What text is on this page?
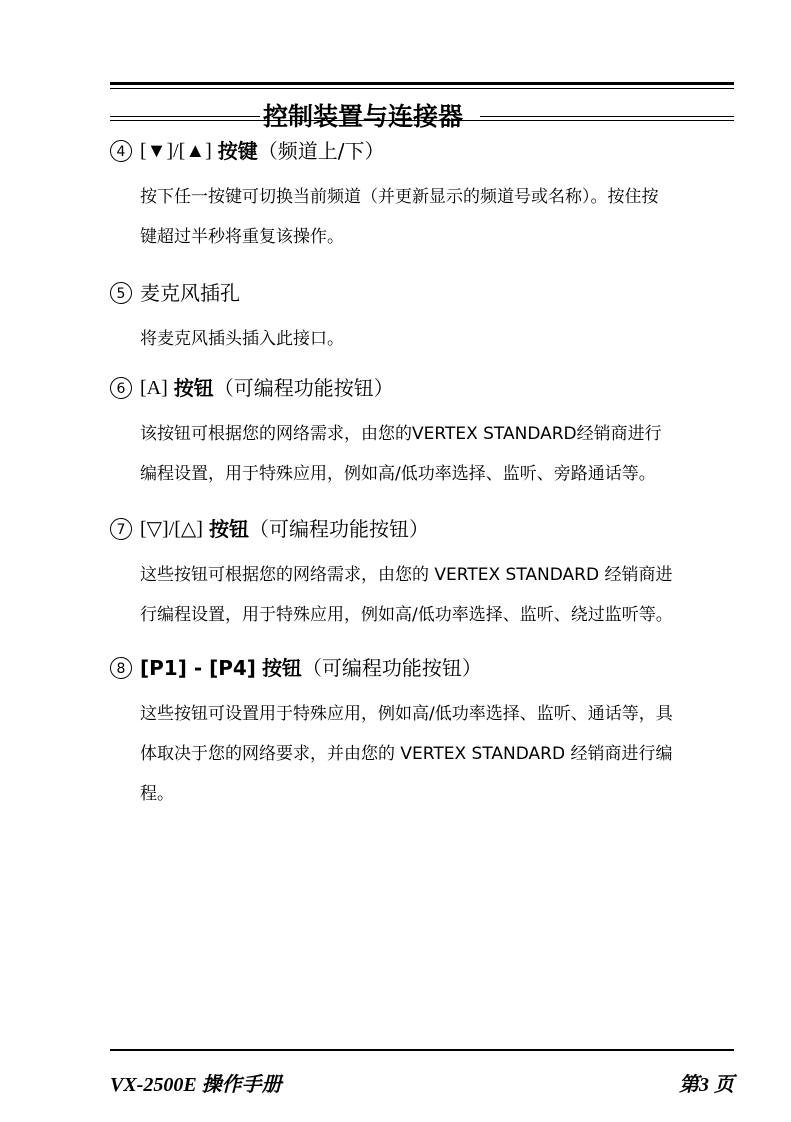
控制装置与连接器
4 [▼]/[▲] 按键 （频道上/下）
按下任一按键可切换当前频道（并更新显示的频道号或名称）。按住按
键超过半秒将重复该操作。
5 麦克风插孔
将麦克风插头插入此接口。
6 [A] 按钮 （可编程功能按钮）
该按钮可根据您的网络需求，由您的VERTEX STANDARD经销商进行
编程设置，用于特殊应用，例如高/低功率选择、监听、旁路通话等。
7 [▽]/[△] 按钮 （可编程功能按钮）
这些按钮可根据您的网络需求，由您的 VERTEX STANDARD 经销商进
行编程设置，用于特殊应用，例如高/低功率选择、监听、绕过监听等。
8 [P1] - [P4] 按钮 （可编程功能按钮）
这些按钮可设置用于特殊应用，例如高/低功率选择、监听、通话等，具
体取决于您的网络要求，并由您的 VERTEX STANDARD 经销商进行编
程。
VX-2500E 操作手册	第3 页
